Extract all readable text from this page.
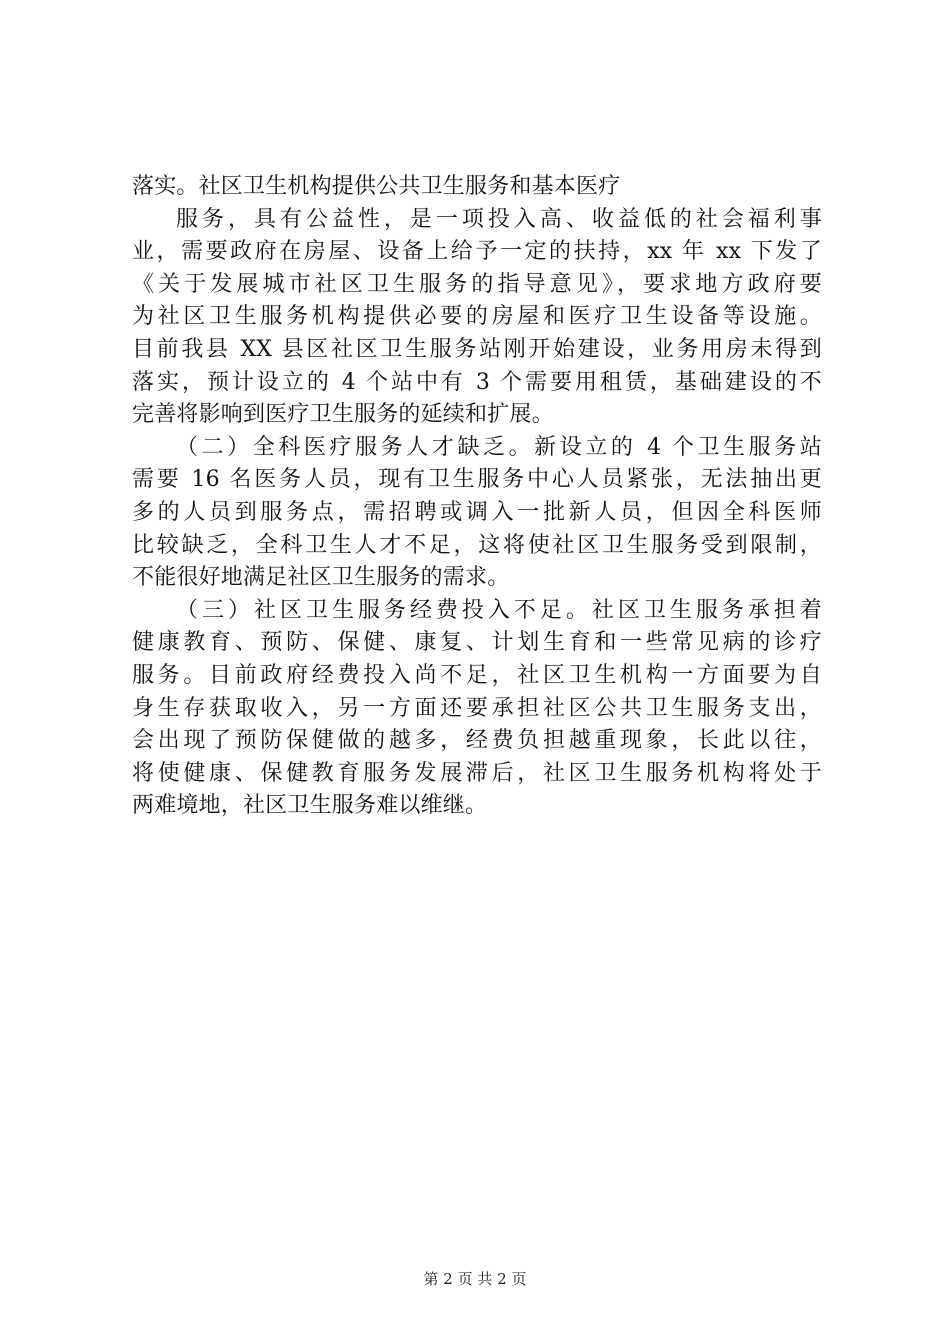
落实。社区卫生机构提供公共卫生服务和基本医疗
服务，具有公益性，是一项投入高、收益低的社会福利事
业，需要政府在房屋、设备上给予一定的扶持，xx 年 xx 下发了
《关于发展城市社区卫生服务的指导意见》，要求地方政府要
为社区卫生服务机构提供必要的房屋和医疗卫生设备等设施。
目前我县 XX 县区社区卫生服务站刚开始建设，业务用房未得到
落实，预计设立的 4 个站中有 3 个需要用租赁，基础建设的不
完善将影响到医疗卫生服务的延续和扩展。
（二）全科医疗服务人才缺乏。新设立的 4 个卫生服务站
需要 16 名医务人员，现有卫生服务中心人员紧张，无法抽出更
多的人员到服务点，需招聘或调入一批新人员，但因全科医师
比较缺乏，全科卫生人才不足，这将使社区卫生服务受到限制，
不能很好地满足社区卫生服务的需求。
（三）社区卫生服务经费投入不足。社区卫生服务承担着
健康教育、预防、保健、康复、计划生育和一些常见病的诊疗
服务。目前政府经费投入尚不足，社区卫生机构一方面要为自
身生存获取收入，另一方面还要承担社区公共卫生服务支出，
会出现了预防保健做的越多，经费负担越重现象，长此以往，
将使健康、保健教育服务发展滞后，社区卫生服务机构将处于
两难境地，社区卫生服务难以维继。
第 2 页 共 2 页
